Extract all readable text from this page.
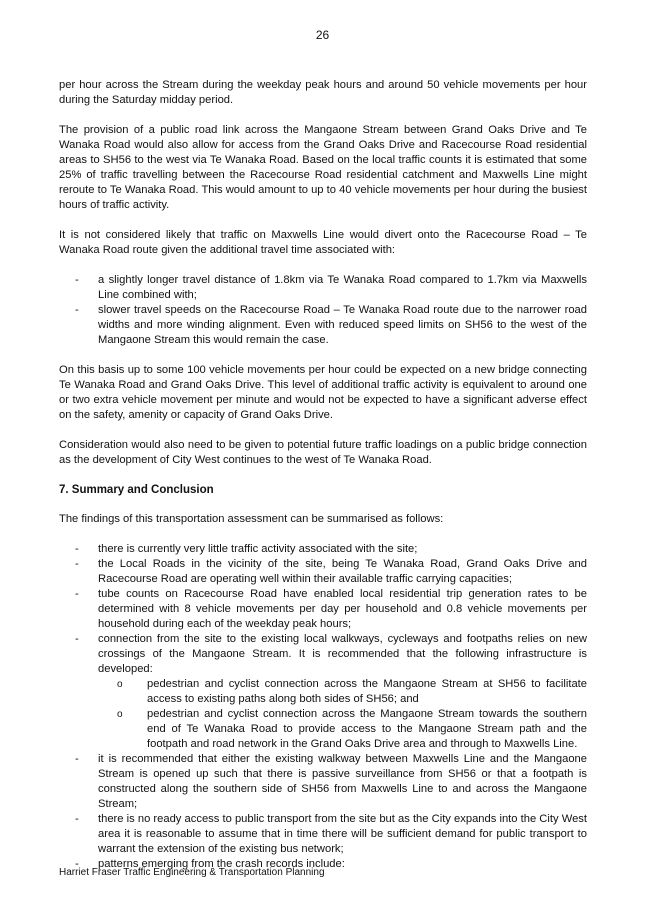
26

per hour across the Stream during the weekday peak hours and around 50 vehicle movements per hour during the Saturday midday period.

The provision of a public road link across the Mangaone Stream between Grand Oaks Drive and Te Wanaka Road would also allow for access from the Grand Oaks Drive and Racecourse Road residential areas to SH56 to the west via Te Wanaka Road. Based on the local traffic counts it is estimated that some 25% of traffic travelling between the Racecourse Road residential catchment and Maxwells Line might reroute to Te Wanaka Road. This would amount to up to 40 vehicle movements per hour during the busiest hours of traffic activity.

It is not considered likely that traffic on Maxwells Line would divert onto the Racecourse Road – Te Wanaka Road route given the additional travel time associated with:

- a slightly longer travel distance of 1.8km via Te Wanaka Road compared to 1.7km via Maxwells Line combined with;
- slower travel speeds on the Racecourse Road – Te Wanaka Road route due to the narrower road widths and more winding alignment. Even with reduced speed limits on SH56 to the west of the Mangaone Stream this would remain the case.

On this basis up to some 100 vehicle movements per hour could be expected on a new bridge connecting Te Wanaka Road and Grand Oaks Drive. This level of additional traffic activity is equivalent to around one or two extra vehicle movement per minute and would not be expected to have a significant adverse effect on the safety, amenity or capacity of Grand Oaks Drive.

Consideration would also need to be given to potential future traffic loadings on a public bridge connection as the development of City West continues to the west of Te Wanaka Road.

7. Summary and Conclusion

The findings of this transportation assessment can be summarised as follows:

- there is currently very little traffic activity associated with the site;
- the Local Roads in the vicinity of the site, being Te Wanaka Road, Grand Oaks Drive and Racecourse Road are operating well within their available traffic carrying capacities;
- tube counts on Racecourse Road have enabled local residential trip generation rates to be determined with 8 vehicle movements per day per household and 0.8 vehicle movements per household during each of the weekday peak hours;
- connection from the site to the existing local walkways, cycleways and footpaths relies on new crossings of the Mangaone Stream. It is recommended that the following infrastructure is developed:
o pedestrian and cyclist connection across the Mangaone Stream at SH56 to facilitate access to existing paths along both sides of SH56; and
o pedestrian and cyclist connection across the Mangaone Stream towards the southern end of Te Wanaka Road to provide access to the Mangaone Stream path and the footpath and road network in the Grand Oaks Drive area and through to Maxwells Line.
- it is recommended that either the existing walkway between Maxwells Line and the Mangaone Stream is opened up such that there is passive surveillance from SH56 or that a footpath is constructed along the southern side of SH56 from Maxwells Line to and across the Mangaone Stream;
- there is no ready access to public transport from the site but as the City expands into the City West area it is reasonable to assume that in time there will be sufficient demand for public transport to warrant the extension of the existing bus network;
- patterns emerging from the crash records include:
Harriet Fraser Traffic Engineering & Transportation Planning
